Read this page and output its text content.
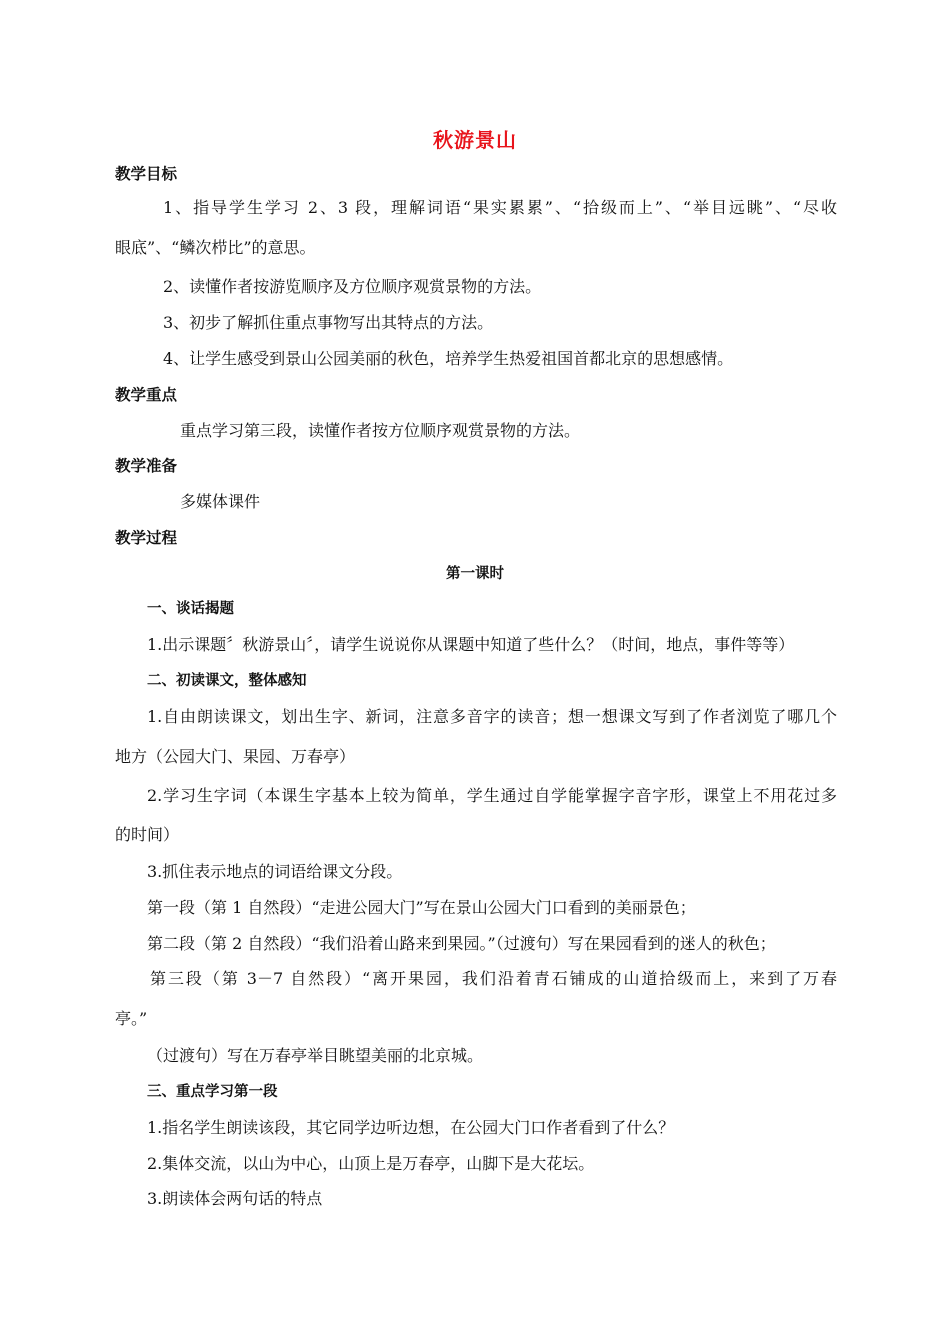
秋游景山
教学目标
1、指导学生学习 2、3 段，理解词语“果实累累”、“拾级而上”、“举目远眺”、“尽收
眼底”、“鳞次栉比”的意思。
2、读懂作者按游览顺序及方位顺序观赏景物的方法。
3、初步了解抓住重点事物写出其特点的方法。
4、让学生感受到景山公园美丽的秋色，培养学生热爱祖国首都北京的思想感情。
教学重点
重点学习第三段，读懂作者按方位顺序观赏景物的方法。
教学准备
多媒体课件
教学过程
第一课时
一、谈话揭题
1.出示课题〞秋游景山〞，请学生说说你从课题中知道了些什么？（时间，地点，事件等等）
二、初读课文，整体感知
1.自由朗读课文，划出生字、新词，注意多音字的读音；想一想课文写到了作者浏览了哪几个
地方（公园大门、果园、万春亭）
2.学习生字词（本课生字基本上较为简单，学生通过自学能掌握字音字形，课堂上不用花过多
的时间）
3.抓住表示地点的词语给课文分段。
第一段（第 1 自然段）“走进公园大门”写在景山公园大门口看到的美丽景色；
第二段（第 2 自然段）“我们沿着山路来到果园。”（过渡句）写在果园看到的迷人的秋色；
第三段（第 3－7 自然段）“离开果园，我们沿着青石铺成的山道拾级而上，来到了万春
亭。”
（过渡句）写在万春亭举目眺望美丽的北京城。
三、重点学习第一段
1.指名学生朗读该段，其它同学边听边想，在公园大门口作者看到了什么？
2.集体交流，以山为中心，山顶上是万春亭，山脚下是大花坛。
3.朗读体会两句话的特点
